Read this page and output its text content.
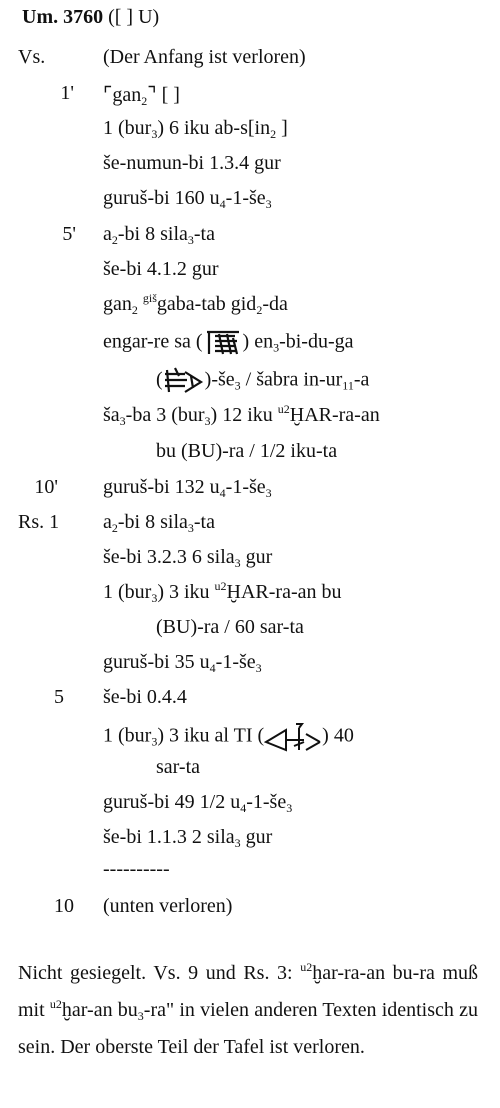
Um. 3760 ([ ] U)
Vs.	(Der Anfang ist verloren)
1' ⌜gan$_2$⌝ [ ]
1 (bur$_3$) 6 iku $ab-s[in_2$ ]
še-numun-bi 1.3.4 gur
guruš-bi 160 $u_4-1-še_3$
5' $a_2-bi$ 8 sila$_3$-ta
še-bi 4.1.2 gur
gan$_2$ $^{giš}$gaba-tab gid$_2$-da
engar-re sa ( ) $en_3-bi-du-ga$
( )$-še_3$ / šabra $in-ur_{11}-a$
$ša_3-ba$ 3 (bur$_3$) 12 iku $^{u2}$ḪAR-ra-an
bu (BU)-ra / 1/2 iku-ta
10' guruš-bi 132 $u_4-1-še_3$
Rs. 1	$a_2-bi$ 8 sila$_3$-ta
še-bi 3.2.3 6 sila$_3$ gur
1 (bur$_3$) 3 iku $^{u2}$ḪAR-ra-an bu
(BU)-ra / 60 sar-ta
guruš-bi 35 $u_4-1-še_3$
5 še-bi 0.4.4
1 (bur$_3$) 3 iku al TI (	) 40
sar-ta
guruš-bi 49 1/2 $u_4-1-še_3$
še-bi 1.1.3 2 sila$_3$ gur
----------
10 (unten verloren)
Nicht gesiegelt. Vs. 9 und Rs. 3: $^{u2}$ḫar-ra-an bu-ra muß mit $^{u2}$ḫar-an $bu_3-ra$" in vielen anderen Texten identisch zu sein. Der oberste Teil der Tafel ist verloren.
